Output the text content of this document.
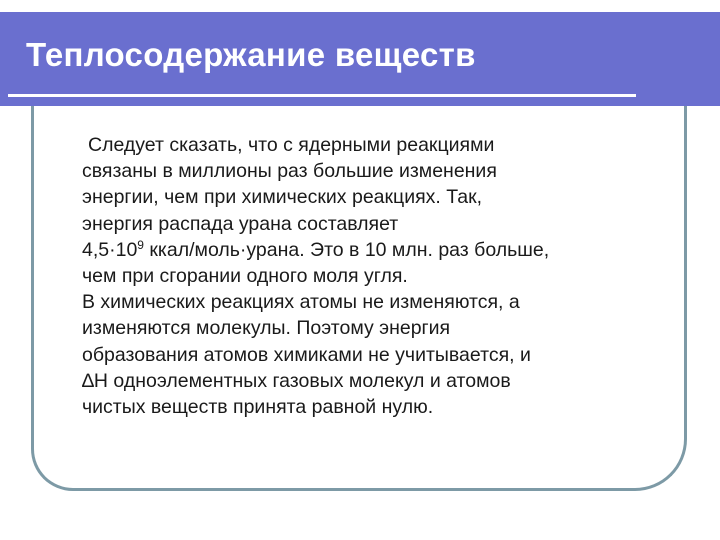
Теплосодержание веществ
Следует сказать, что с ядерными реакциями
связаны в миллионы раз большие изменения
энергии, чем при химических реакциях. Так,
энергия распада урана составляет
$4,5\cdot 10^9$ ккал/моль·урана. Это в 10 млн. раз больше,
чем при сгорании одного моля угля.
В химических реакциях атомы не изменяются, а
изменяются молекулы. Поэтому энергия
образования атомов химиками не учитывается, и
∆H одноэлементных газовых молекул и атомов
чистых веществ принята равной нулю.
